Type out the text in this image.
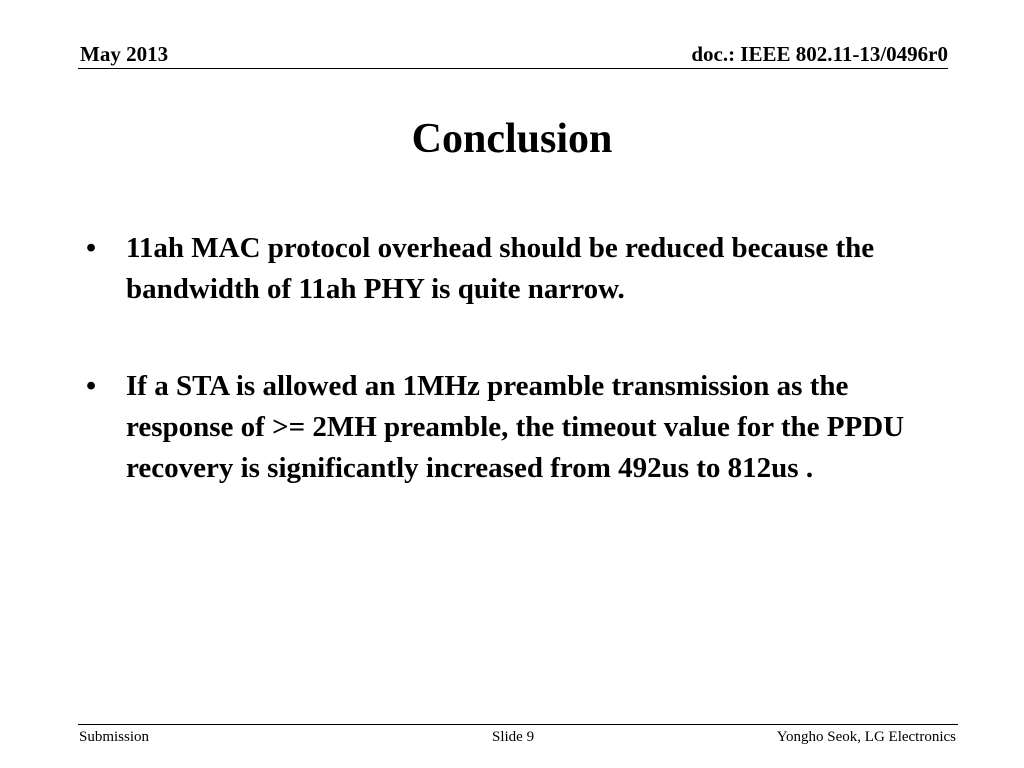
May 2013	doc.: IEEE 802.11-13/0496r0
Conclusion
•	11ah MAC protocol overhead should be reduced because the bandwidth of 11ah PHY is quite narrow.
•	If a STA is allowed an 1MHz preamble transmission as the response of >= 2MH preamble, the timeout value for the PPDU recovery is significantly increased from 492us to 812us .
Submission	Slide 9	Yongho Seok, LG Electronics
